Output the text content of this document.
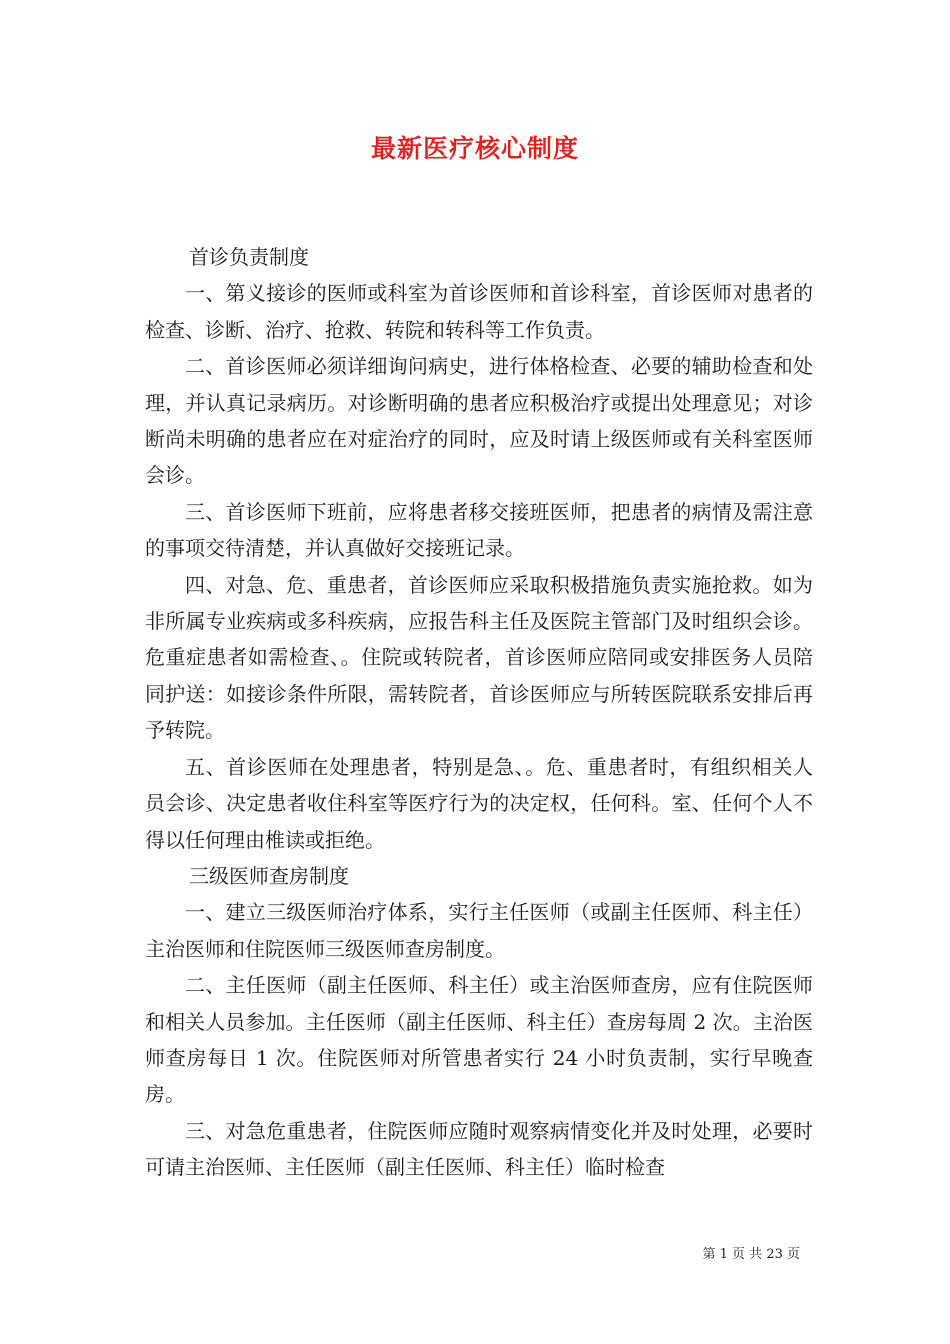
最新医疗核心制度

首诊负责制度

一、第义接诊的医师或科室为首诊医师和首诊科室，首诊医师对患者的检查、诊断、治疗、抢救、转院和转科等工作负责。

二、首诊医师必须详细询问病史，进行体格检查、必要的辅助检查和处理，并认真记录病历。对诊断明确的患者应积极治疗或提出处理意见；对诊断尚未明确的患者应在对症治疗的同时，应及时请上级医师或有关科室医师会诊。

三、首诊医师下班前，应将患者移交接班医师，把患者的病情及需注意的事项交待清楚，并认真做好交接班记录。

四、对急、危、重患者，首诊医师应采取积极措施负责实施抢救。如为非所属专业疾病或多科疾病，应报告科主任及医院主管部门及时组织会诊。危重症患者如需检查、。住院或转院者，首诊医师应陪同或安排医务人员陪同护送：如接诊条件所限，需转院者，首诊医师应与所转医院联系安排后再予转院。

五、首诊医师在处理患者，特别是急、。危、重患者时，有组织相关人员会诊、决定患者收住科室等医疗行为的决定权，任何科。室、任何个人不得以任何理由椎读或拒绝。

三级医师查房制度

一、建立三级医师治疗体系，实行主任医师（或副主任医师、科主任）主治医师和住院医师三级医师查房制度。

二、主任医师（副主任医师、科主任）或主治医师查房，应有住院医师和相关人员参加。主任医师（副主任医师、科主任）查房每周 2 次。主治医师查房每日 1 次。住院医师对所管患者实行 24 小时负责制，实行早晚查房。

三、对急危重患者，住院医师应随时观察病情变化并及时处理，必要时可请主治医师、主任医师（副主任医师、科主任）临时检查

第 1 页 共 23 页
